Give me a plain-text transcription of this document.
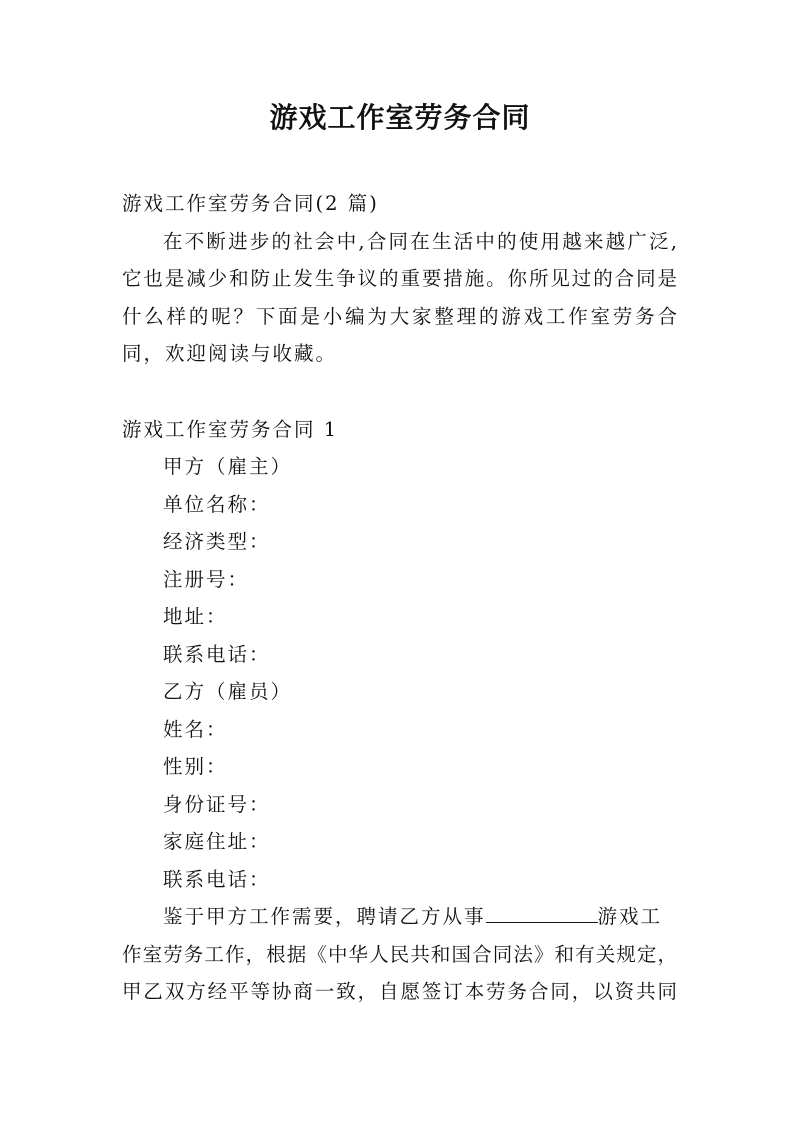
游戏工作室劳务合同
游戏工作室劳务合同(2 篇)
在不断进步的社会中,合同在生活中的使用越来越广泛,
它也是减少和防止发生争议的重要措施。你所见过的合同是
什么样的呢？下面是小编为大家整理的游戏工作室劳务合
同，欢迎阅读与收藏。
游戏工作室劳务合同 1
甲方（雇主）
单位名称：
经济类型：
注册号：
地址：
联系电话：
乙方（雇员）
姓名：
性别：
身份证号：
家庭住址：
联系电话：
鉴于甲方工作需要，聘请乙方从事	游戏工
作室劳务工作，根据《中华人民共和国合同法》和有关规定，
甲乙双方经平等协商一致，自愿签订本劳务合同，以资共同
